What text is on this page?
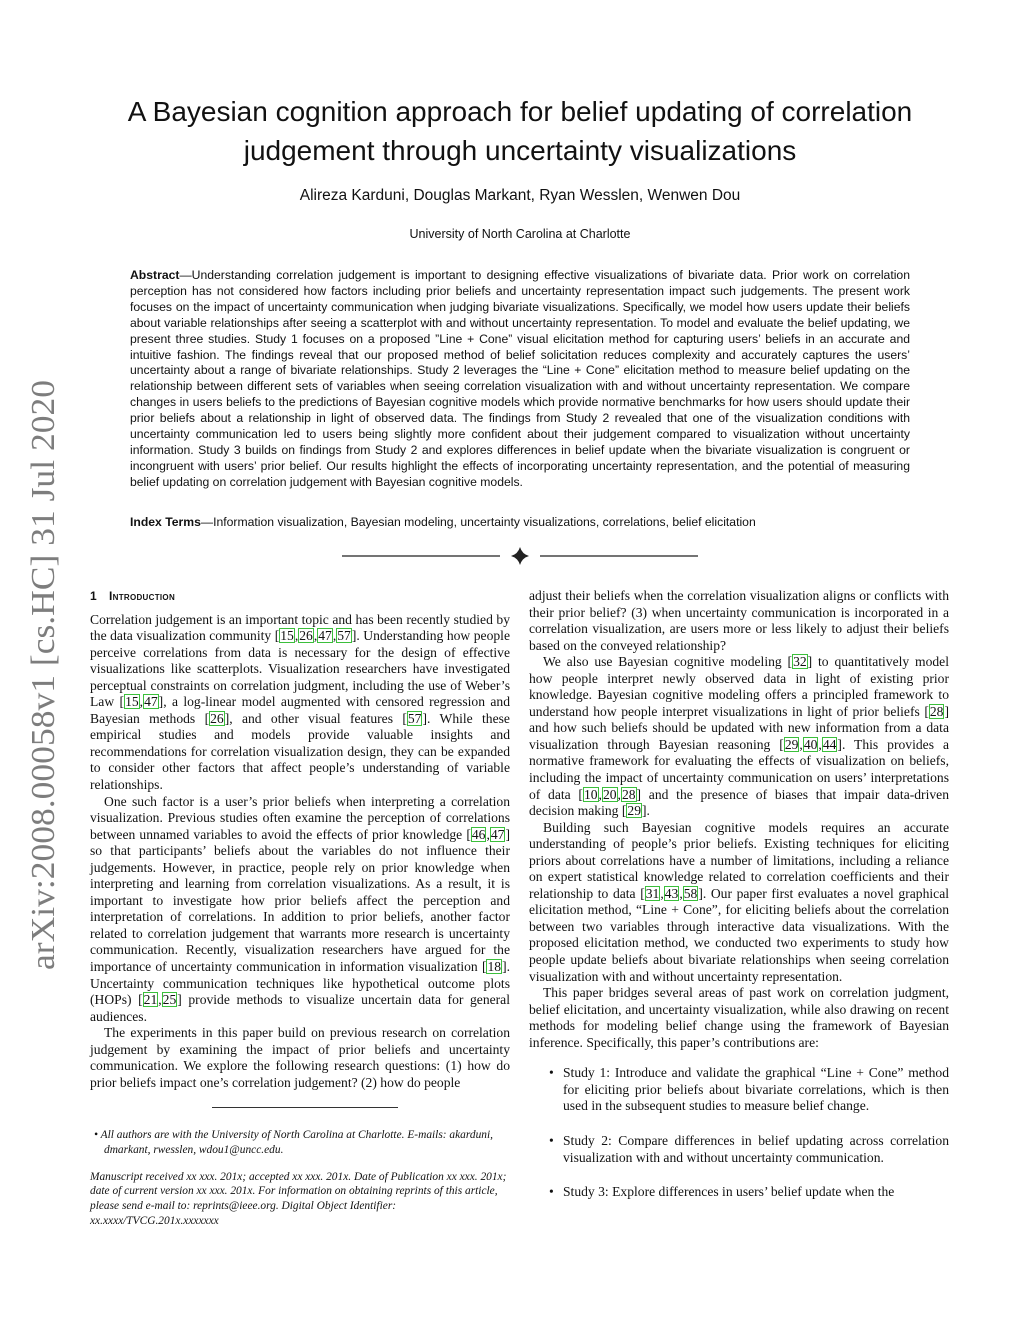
arXiv:2008.00058v1 [cs.HC] 31 Jul 2020
A Bayesian cognition approach for belief updating of correlation
judgement through uncertainty visualizations
Alireza Karduni, Douglas Markant, Ryan Wesslen, Wenwen Dou
University of North Carolina at Charlotte
Abstract—Understanding correlation judgement is important to designing effective visualizations of bivariate data. Prior work on correlation perception has not considered how factors including prior beliefs and uncertainty representation impact such judgements. The present work focuses on the impact of uncertainty communication when judging bivariate visualizations. Specifically, we model how users update their beliefs about variable relationships after seeing a scatterplot with and without uncertainty representation. To model and evaluate the belief updating, we present three studies. Study 1 focuses on a proposed ”Line + Cone” visual elicitation method for capturing users’ beliefs in an accurate and intuitive fashion. The findings reveal that our proposed method of belief solicitation reduces complexity and accurately captures the users’ uncertainty about a range of bivariate relationships. Study 2 leverages the “Line + Cone” elicitation method to measure belief updating on the relationship between different sets of variables when seeing correlation visualization with and without uncertainty representation. We compare changes in users beliefs to the predictions of Bayesian cognitive models which provide normative benchmarks for how users should update their prior beliefs about a relationship in light of observed data. The findings from Study 2 revealed that one of the visualization conditions with uncertainty communication led to users being slightly more confident about their judgement compared to visualization without uncertainty information. Study 3 builds on findings from Study 2 and explores differences in belief update when the bivariate visualization is congruent or incongruent with users’ prior belief. Our results highlight the effects of incorporating uncertainty representation, and the potential of measuring belief updating on correlation judgement with Bayesian cognitive models.
Index Terms—Information visualization, Bayesian modeling, uncertainty visualizations, correlations, belief elicitation
1 Introduction

Correlation judgement is an important topic and has been recently studied by the data visualization community [15,26,47,57]. Understanding how people perceive correlations from data is necessary for the design of effective visualizations like scatterplots. Visualization researchers have investigated perceptual constraints on correlation judgment, including the use of Weber’s Law [15,47], a log-linear model augmented with censored regression and Bayesian methods [26], and other visual features [57]. While these empirical studies and models provide valuable insights and recommendations for correlation visualization design, they can be expanded to consider other factors that affect people’s understanding of variable relationships.

One such factor is a user’s prior beliefs when interpreting a correlation visualization. Previous studies often examine the perception of correlations between unnamed variables to avoid the effects of prior knowledge [46,47] so that participants’ beliefs about the variables do not influence their judgements. However, in practice, people rely on prior knowledge when interpreting and learning from correlation visualizations. As a result, it is important to investigate how prior beliefs affect the perception and interpretation of correlations. In addition to prior beliefs, another factor related to correlation judgement that warrants more research is uncertainty communication. Recently, visualization researchers have argued for the importance of uncertainty communication in information visualization [18]. Uncertainty communication techniques like hypothetical outcome plots (HOPs) [21,25] provide methods to visualize uncertain data for general audiences.

The experiments in this paper build on previous research on correlation judgement by examining the impact of prior beliefs and uncertainty communication. We explore the following research questions: (1) how do prior beliefs impact one’s correlation judgement? (2) how do people

• All authors are with the University of North Carolina at Charlotte. E-mails: akarduni, dmarkant, rwesslen, wdou1@uncc.edu.

Manuscript received xx xxx. 201x; accepted xx xxx. 201x. Date of Publication xx xxx. 201x; date of current version xx xxx. 201x. For information on obtaining reprints of this article, please send e-mail to: reprints@ieee.org. Digital Object Identifier: xx.xxxx/TVCG.201x.xxxxxxx

adjust their beliefs when the correlation visualization aligns or conflicts with their prior belief? (3) when uncertainty communication is incorporated in a correlation visualization, are users more or less likely to adjust their beliefs based on the conveyed relationship?

We also use Bayesian cognitive modeling [32] to quantitatively model how people interpret newly observed data in light of existing prior knowledge. Bayesian cognitive modeling offers a principled framework to understand how people interpret visualizations in light of prior beliefs [28] and how such beliefs should be updated with new information from a data visualization through Bayesian reasoning [29,40,44]. This provides a normative framework for evaluating the effects of visualization on beliefs, including the impact of uncertainty communication on users’ interpretations of data [10,20,28] and the presence of biases that impair data-driven decision making [29].

Building such Bayesian cognitive models requires an accurate understanding of people’s prior beliefs. Existing techniques for eliciting priors about correlations have a number of limitations, including a reliance on expert statistical knowledge related to correlation coefficients and their relationship to data [31,43,58]. Our paper first evaluates a novel graphical elicitation method, “Line + Cone”, for eliciting beliefs about the correlation between two variables through interactive data visualizations. With the proposed elicitation method, we conducted two experiments to study how people update beliefs about bivariate relationships when seeing correlation visualization with and without uncertainty representation.

This paper bridges several areas of past work on correlation judgment, belief elicitation, and uncertainty visualization, while also drawing on recent methods for modeling belief change using the framework of Bayesian inference. Specifically, this paper’s contributions are:

• Study 1: Introduce and validate the graphical “Line + Cone” method for eliciting prior beliefs about bivariate correlations, which is then used in the subsequent studies to measure belief change.
• Study 2: Compare differences in belief updating across correlation visualization with and without uncertainty communication.
• Study 3: Explore differences in users’ belief update when the
